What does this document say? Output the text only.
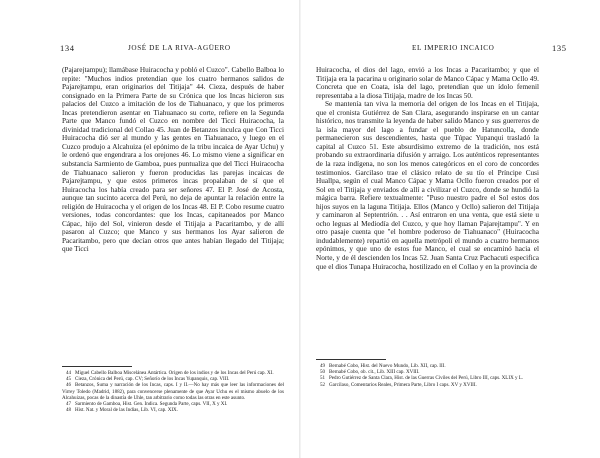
134	JOSÉ DE LA RIVA-AGÜERO

(Pajarejtampu); llamábase Huiracocha y pobló el Cuzco". Cabello Balboa lo repite: "Muchos indios pretendian que los cuatro hermanos salidos de Pajarejtampu, eran originarios del Titijaja" 44. Cieza, después de haber consignado en la Primera Parte de su Crónica que los Incas hicieron sus palacios del Cuzco a imitación de los de Tiahuanaco, y que los primeros Incas pretendieron asentar en Tiahuanaco su corte, refiere en la Segunda Parte que Manco fundó el Cuzco en nombre del Ticci Huiracocha, la divinidad tradicional del Collao 45. Juan de Betanzos inculca que Con Ticci Huiracocha dió ser al mundo y las gentes en Tiahuanaco, y luego en el Cuzco produjo a Alcahuiza (el epónimo de la tribu incaica de Ayar Uchu) y le ordenó que engendrara a los orejones 46. Lo mismo viene a significar en substancia Sarmiento de Gamboa, pues puntualiza que del Ticci Huiracocha de Tiahuanaco salieron y fueron producidas las parejas incaicas de Pajarejtampu, y que estos primeros incas propalaban de sí que el Huiracocha los había creado para ser señores 47. El P. José de Acosta, aunque tan sucinto acerca del Perú, no deja de apuntar la relación entre la religión de Huiracocha y el origen de los Incas 48. El P. Cobo resume cuatro versiones, todas concordantes: que los Incas, capitaneados por Manco Cápac, hijo del Sol, vinieron desde el Titijaja a Pacaritambo, y de allí pasaron al Cuzco; que Manco y sus hermanos los Ayar salieron de Pacaritambo, pero que decían otros que antes habían llegado del Titijaja; que Ticci

44 Miguel Cabello Balboa Miscelánea Antártica. Origen de los indios y de los Incas del Perú cap. XI.

45 Cieza, Crónica del Perú, cap. CV; Señorío de los Incas Yupanquis, cap. VIII.

46 Betanzos, Suma y narración de los Incas, caps. I y II.—No hay más que leer las informaciones del Virrey Toledo (Madrid, 1882), para convencerse plenamente de que Ayar Uchu es el mismo abuelo de los Alcahuizas, pocas de la dinastía de Uhle, tan arbitrario como todas las otras en este asunto.

47 Sarmiento de Gamboa, Hist. Gen. Indica. Segunda Parte, caps. VII, X y XI.

48 Hist. Nat. y Moral de las Indias, Lib. VI, cap. XIX.

EL IMPERIO INCAICO	135

Huiracocha, el dios del lago, envió a los Incas a Pacaritambo; y que el Titijaja era la pacarina u originario solar de Manco Cápac y Mama Ocllo 49. Concreta que en Coata, isla del lago, pretendían que un ídolo femenil representaba a la diosa Titijaja, madre de los Incas 50.

Se mantenía tan viva la memoria del origen de los Incas en el Titijaja, que el cronista Gutiérrez de San Clara, asegurando inspirarse en un cantar histórico, nos transmite la leyenda de haber salido Manco y sus guerreros de la isla mayor del lago a fundar el pueblo de Hatuncolla, donde permanecieron sus descendientes, hasta que Túpac Yupanqui trasladó la capital al Cuzco 51. Este absurdísimo extremo de la tradición, nos está probando su extraordinaria difusión y arraigo. Los auténticos representantes de la raza indígena, no son los menos categóricos en el coro de concordes testimonios. Garcilaso trae el clásico relato de su tío el Príncipe Cusi Huallpa, según el cual Manco Cápac y Mama Ocllo fueron creados por el Sol en el Titijaja y enviados de allí a civilizar el Cuzco, donde se hundió la mágica barra. Refiere textualmente: "Puso nuestro padre el Sol estos dos hijos suyos en la laguna Titijaja. Ellos (Manco y Ocllo) salieron del Titijaja y caminaron al Septentrión. . . Así entraron en una venta, que está siete u ocho leguas al Mediodía del Cuzco, y que hoy llaman Pajarejtampu". Y en otro pasaje cuenta que "el hombre poderoso de Tiahuanaco" (Huiracocha indudablemente) repartió en aquella metrópoli el mundo a cuatro hermanos epónimos, y que uno de estos fue Manco, el cual se encaminó hacia el Norte, y de él descienden los Incas 52. Juan Santa Cruz Pachacuti especifica que el dios Tunapa Huiracocha, hostilizado en el Collao y en la provincia de

49 Bernabé Cobo, Hist. del Nuevo Mundo, Lib. XII, cap. III.

50 Bernabé Cobo, ob. cit., Lib. XIII cap. XVIII.

51 Pedro Gutiérrez de Santa Clara, Hist. de las Guerras Civiles del Perú, Libro III, caps. XLIX y L.

52 Garcilaso, Comentarios Reales, Primera Parte, Libro I caps. XV y XVIII.
